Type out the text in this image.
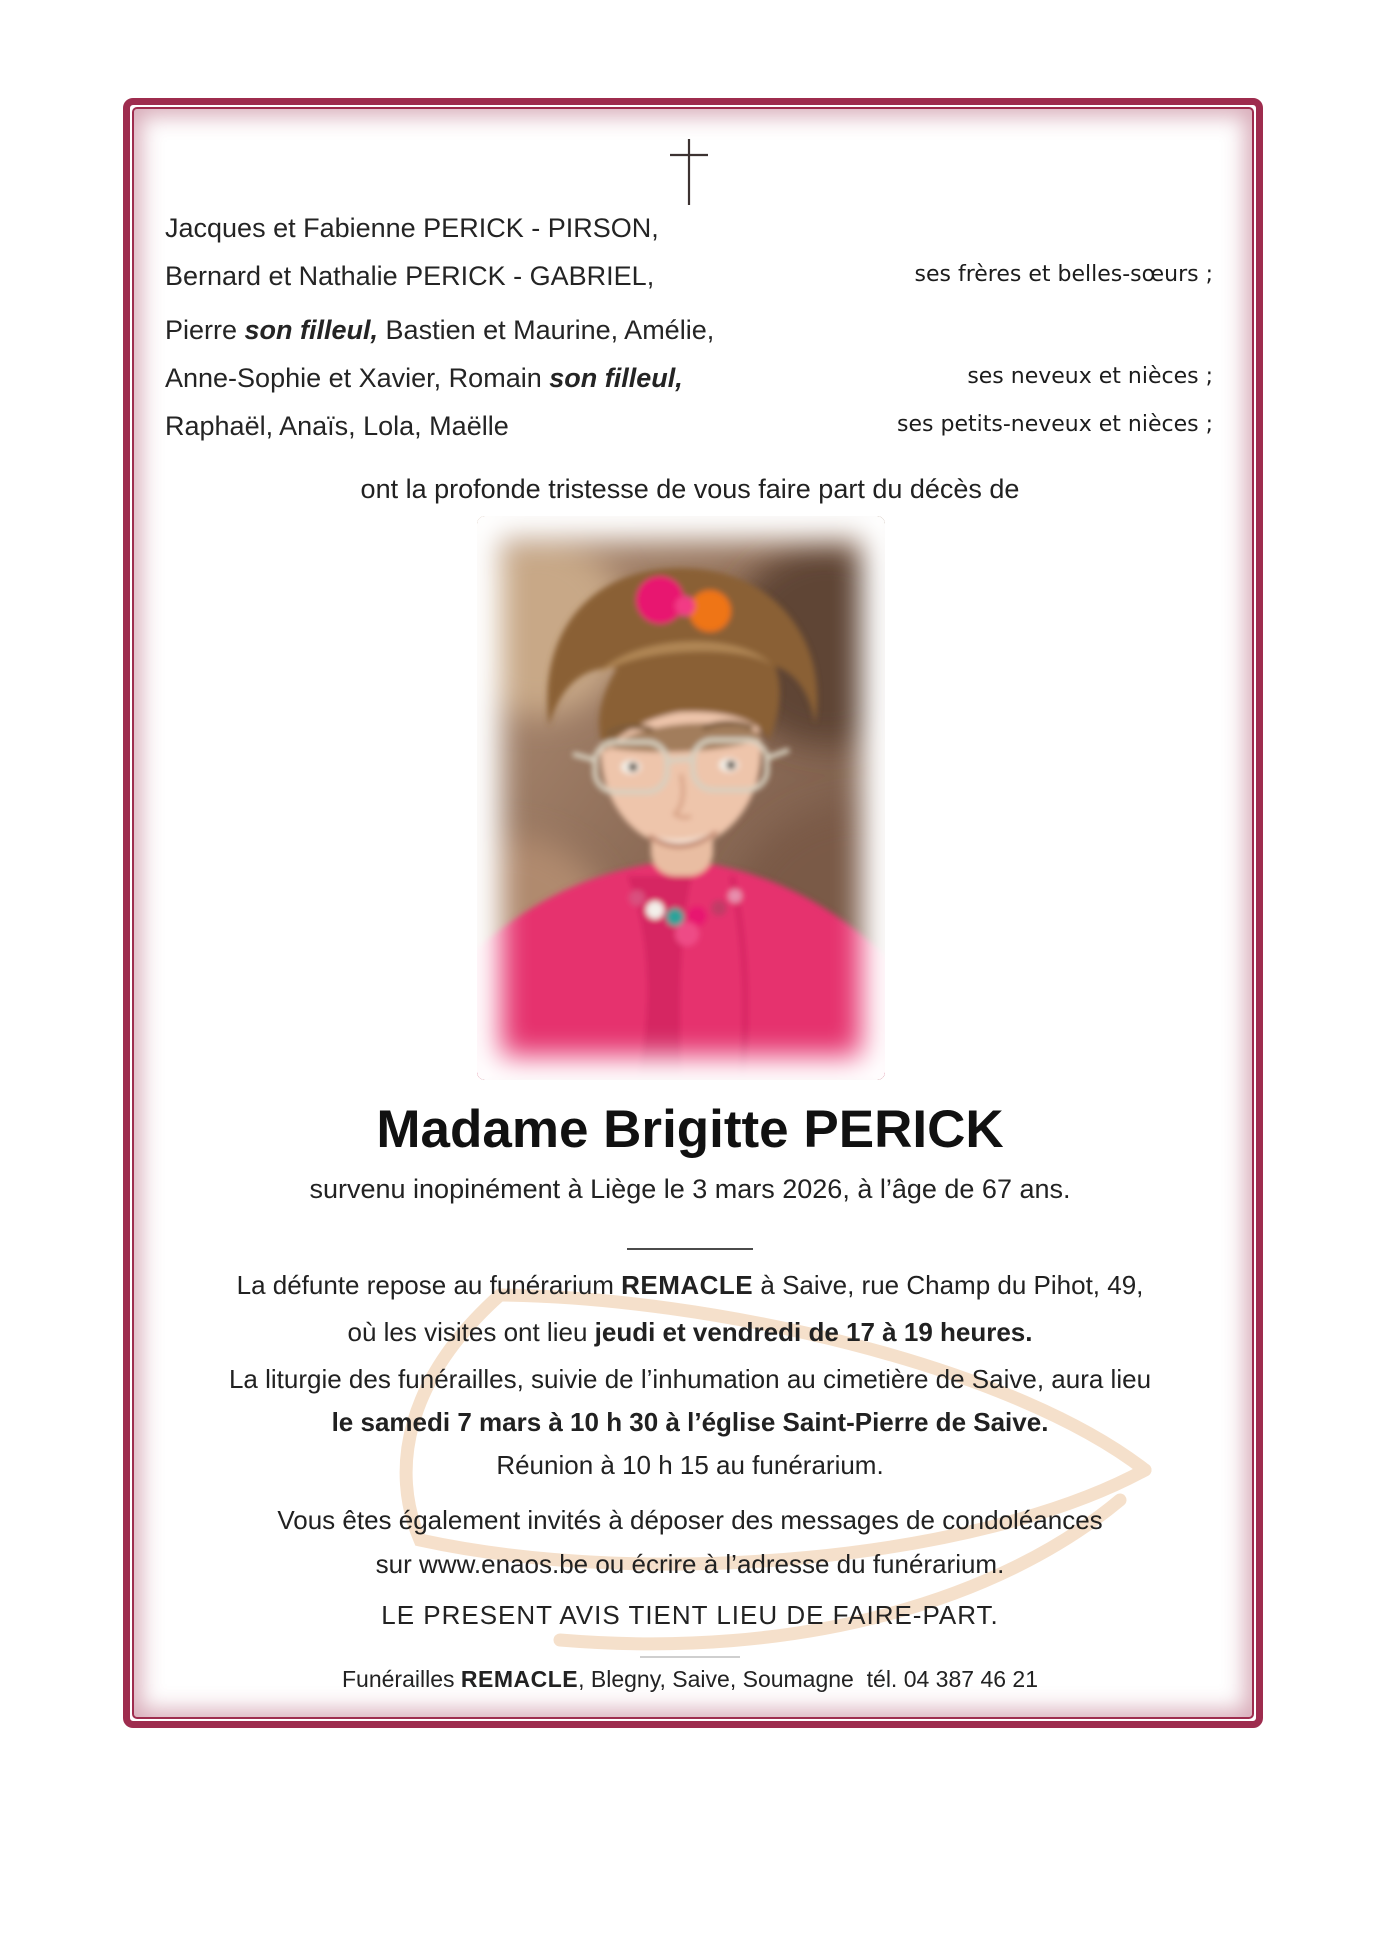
Jacques et Fabienne PERICK - PIRSON,
Bernard et Nathalie PERICK - GABRIEL,	ses frères et belles-sœurs ;
Pierre son filleul, Bastien et Maurine, Amélie,
Anne-Sophie et Xavier, Romain son filleul,	ses neveux et nièces ;
Raphaël, Anaïs, Lola, Maëlle	ses petits-neveux et nièces ;
ont la profonde tristesse de vous faire part du décès de
Madame Brigitte PERICK
survenu inopinément à Liège le 3 mars 2026, à l’âge de 67 ans.
La défunte repose au funérarium REMACLE à Saive, rue Champ du Pihot, 49,
où les visites ont lieu jeudi et vendredi de 17 à 19 heures.
La liturgie des funérailles, suivie de l’inhumation au cimetière de Saive, aura lieu
le samedi 7 mars à 10 h 30 à l’église Saint-Pierre de Saive.
Réunion à 10 h 15 au funérarium.
Vous êtes également invités à déposer des messages de condoléances
sur www.enaos.be ou écrire à l’adresse du funérarium.
LE PRESENT AVIS TIENT LIEU DE FAIRE-PART.
Funérailles REMACLE, Blegny, Saive, Soumagne  tél. 04 387 46 21
